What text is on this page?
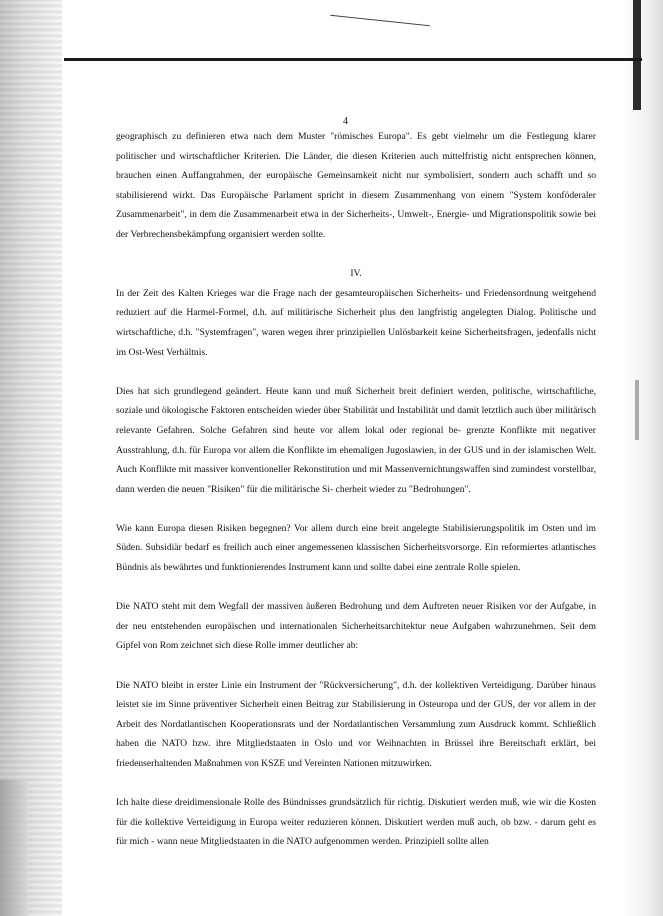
4

geographisch zu definieren etwa nach dem Muster "römisches Europa". Es gebt vielmehr um die Festlegung klarer politischer und wirtschaftlicher Kriterien. Die Länder, die diesen Kriterien auch mittelfristig nicht entsprechen können, brauchen einen Auffangrahmen, der europäische Gemeinsamkeit nicht nur symbolisiert, sondern auch schafft und so stabilisierend wirkt. Das Europäische Parlament spricht in diesem Zusammenhang von einem "System konföderaler Zusammenarbeit", in dem die Zusammenarbeit etwa in der Sicherheits-, Umwelt-, Energie- und Migrationspolitik sowie bei der Verbrechensbekämpfung organisiert werden sollte.

IV.

In der Zeit des Kalten Krieges war die Frage nach der gesamteuropäischen Sicherheits- und Friedensordnung weitgehend reduziert auf die Harmel-Formel, d.h. auf militärische Sicherheit plus den langfristig angelegten Dialog. Politische und wirtschaftliche, d.h. "Systemfragen", waren wegen ihrer prinzipiellen Unlösbarkeit keine Sicherheitsfragen, jedenfalls nicht im Ost-West Verhältnis.

Dies hat sich grundlegend geändert. Heute kann und muß Sicherheit breit definiert werden, politische, wirtschaftliche, soziale und ökologische Faktoren entscheiden wieder über Stabilität und Instabilität und damit letztlich auch über militärisch relevante Gefahren. Solche Gefahren sind heute vor allem lokal oder regional be- grenzte Konflikte mit negativer Ausstrahlung, d.h. für Europa vor allem die Konflikte im ehemaligen Jugoslawien, in der GUS und in der islamischen Welt. Auch Konflikte mit massiver konventioneller Rekonstitution und mit Massenvernichtungswaffen sind zumindest vorstellbar, dann werden die neuen "Risiken" für die militärische Si- cherheit wieder zu "Bedrohungen".

Wie kann Europa diesen Risiken begegnen? Vor allem durch eine breit angelegte Stabilisierungspolitik im Osten und im Süden. Subsidiär bedarf es freilich auch einer angemessenen klassischen Sicherheitsvorsorge. Ein reformiertes atlantisches Bündnis als bewährtes und funktionierendes Instrument kann und sollte dabei eine zentrale Rolle spielen.

Die NATO steht mit dem Wegfall der massiven äußeren Bedrohung und dem Auftreten neuer Risiken vor der Aufgabe, in der neu entstehenden europäischen und internationalen Sicherheitsarchitektur neue Aufgaben wahrzunehmen. Seit dem Gipfel von Rom zeichnet sich diese Rolle immer deutlicher ab:

Die NATO bleibt in erster Linie ein Instrument der "Rückversicherung", d.h. der kollektiven Verteidigung. Darüber hinaus leistet sie im Sinne präventiver Sicherheit einen Beitrag zur Stabilisierung in Osteuropa und der GUS, der vor allem in der Arbeit des Nordatlantischen Kooperationsrats und der Nordatlantischen Versammlung zum Ausdruck kommt. Schließlich haben die NATO bzw. ihre Mitgliedstaaten in Oslo und vor Weihnachten in Brüssel ihre Bereitschaft erklärt, bei friedenserhaltenden Maßnahmen von KSZE und Vereinten Nationen mitzuwirken.

Ich halte diese dreidimensionale Rolle des Bündnisses grundsätzlich für richtig. Diskutiert werden muß, wie wir die Kosten für die kollektive Verteidigung in Europa weiter reduzieren können. Diskutiert werden muß auch, ob bzw. - darum geht es für mich - wann neue Mitgliedstaaten in die NATO aufgenommen werden. Prinzipiell sollte allen
